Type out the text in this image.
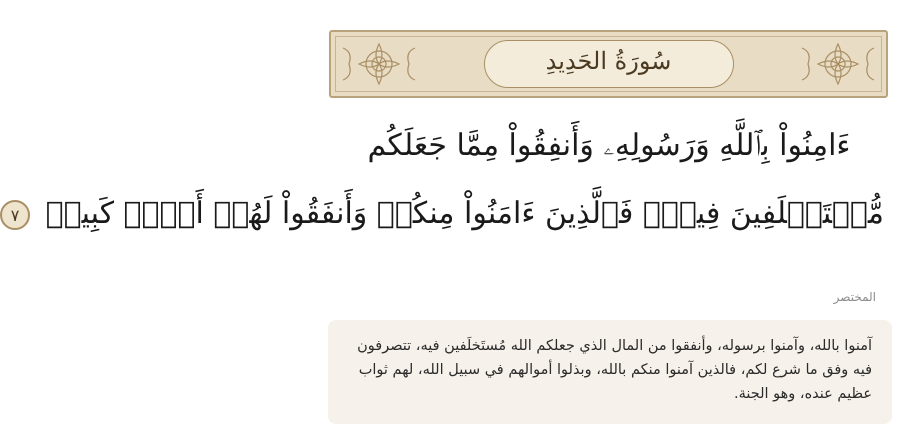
سُورَةُ الحَدِيدِ
ءَامِنُواْ بِٱللَّهِ وَرَسُولِهِۦ وَأَنفِقُواْ مِمَّا جَعَلَكُم
مُّسۡتَخۡلَفِينَ فِيهِۖ فَٱلَّذِينَ ءَامَنُواْ مِنكُمۡ وَأَنفَقُواْ لَهُمۡ أَجۡرٞ كَبِيرٞ ٧
المختصر

آمنوا بالله، وآمنوا برسوله، وأنفقوا من المال الذي جعلكم الله مُستَخلَفين فيه، تتصرفون فيه وفق ما شرع لكم، فالذين آمنوا منكم بالله، وبذلوا أموالهم في سبيل الله، لهم ثواب عظيم عنده، وهو الجنة.
